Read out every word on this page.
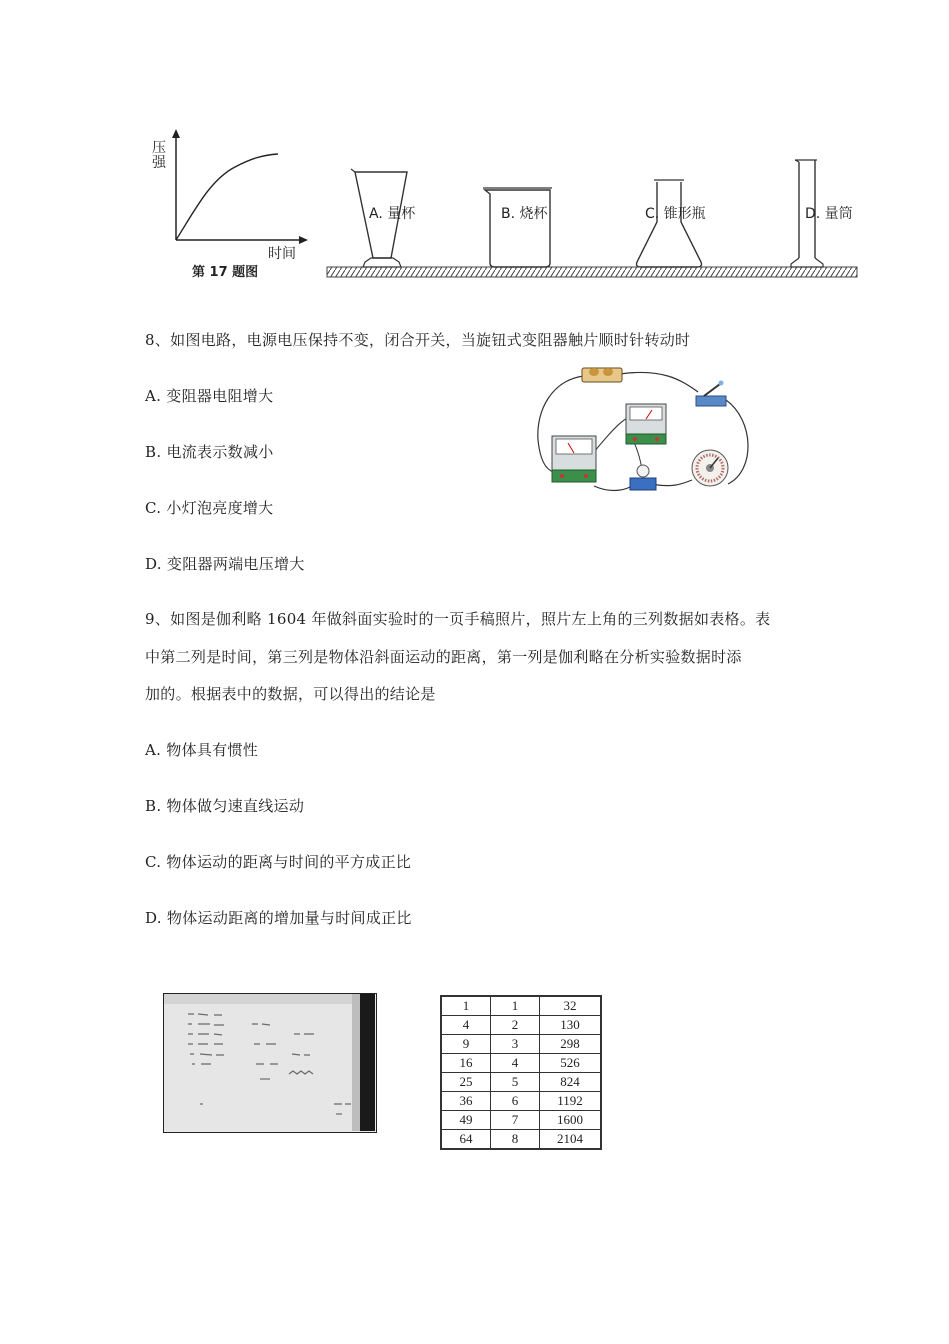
压强
时间
第 17 题图
A. 量杯	B. 烧杯	C. 锥形瓶	D. 量筒
8、如图电路，电源电压保持不变，闭合开关，当旋钮式变阻器触片顺时针转动时
A. 变阻器电阻增大
B. 电流表示数减小
C. 小灯泡亮度增大
D. 变阻器两端电压增大
9、如图是伽利略 1604 年做斜面实验时的一页手稿照片，照片左上角的三列数据如表格。表
中第二列是时间，第三列是物体沿斜面运动的距离，第一列是伽利略在分析实验数据时添
加的。根据表中的数据，可以得出的结论是
A. 物体具有惯性
B. 物体做匀速直线运动
C. 物体运动的距离与时间的平方成正比
D. 物体运动距离的增加量与时间成正比
1	1	32
4	2	130
9	3	298
16	4	526
25	5	824
36	6	1192
49	7	1600
64	8	2104
